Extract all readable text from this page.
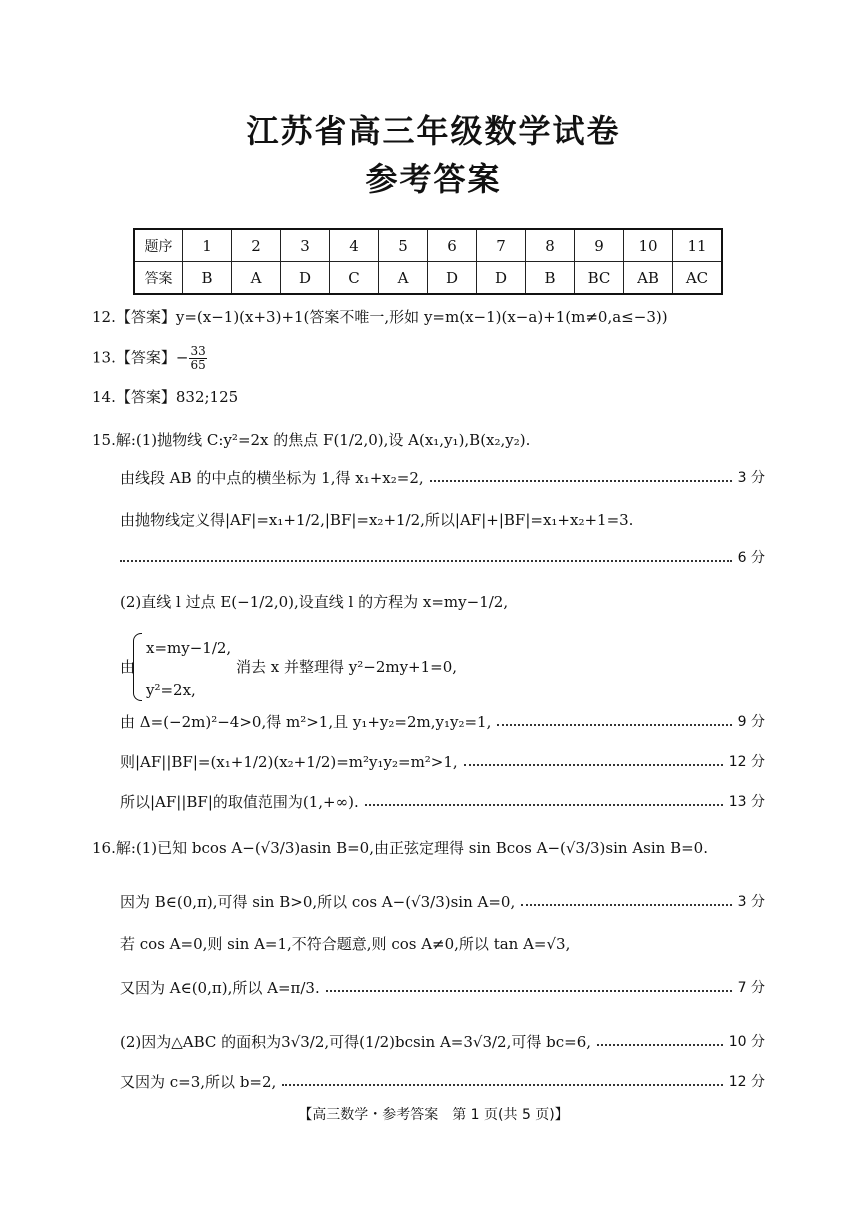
江苏省高三年级数学试卷
参考答案
题序	1	2	3	4	5	6	7	8	9	10	11
答案	B	A	D	C	A	D	D	B	BC	AB	AC
12.【答案】y=(x−1)(x+3)+1(答案不唯一,形如 y=m(x−1)(x−a)+1(m≠0,a≤−3))
13.【答案】− $\frac{33}{65}$
14.【答案】832;125
15.解:(1)抛物线 C:y²=2x 的焦点 F(1/2,0),设 A(x₁,y₁),B(x₂,y₂).
由线段 AB 的中点的横坐标为 1,得 x₁+x₂=2,	3 分
由抛物线定义得|AF|=x₁+1/2,|BF|=x₂+1/2,所以|AF|+|BF|=x₁+x₂+1=3.
6 分
(2)直线 l 过点 E(−1/2,0),设直线 l 的方程为 x=my−1/2,
由
x=my−1/2,
y²=2x,
消去 x 并整理得 y²−2my+1=0,
由 Δ=(−2m)²−4>0,得 m²>1,且 y₁+y₂=2m,y₁y₂=1,	9 分
则|AF||BF|=(x₁+1/2)(x₂+1/2)=m²y₁y₂=m²>1,	12 分
所以|AF||BF|的取值范围为(1,+∞).	13 分
16.解:(1)已知 bcos A−(√3/3)asin B=0,由正弦定理得 sin Bcos A−(√3/3)sin Asin B=0.
因为 B∈(0,π),可得 sin B>0,所以 cos A−(√3/3)sin A=0,	3 分
若 cos A=0,则 sin A=1,不符合题意,则 cos A≠0,所以 tan A=√3,
又因为 A∈(0,π),所以 A=π/3.	7 分
(2)因为△ABC 的面积为3√3/2,可得(1/2)bcsin A=3√3/2,可得 bc=6,	10 分
又因为 c=3,所以 b=2,	12 分
【高三数学・参考答案　第 1 页(共 5 页)】
